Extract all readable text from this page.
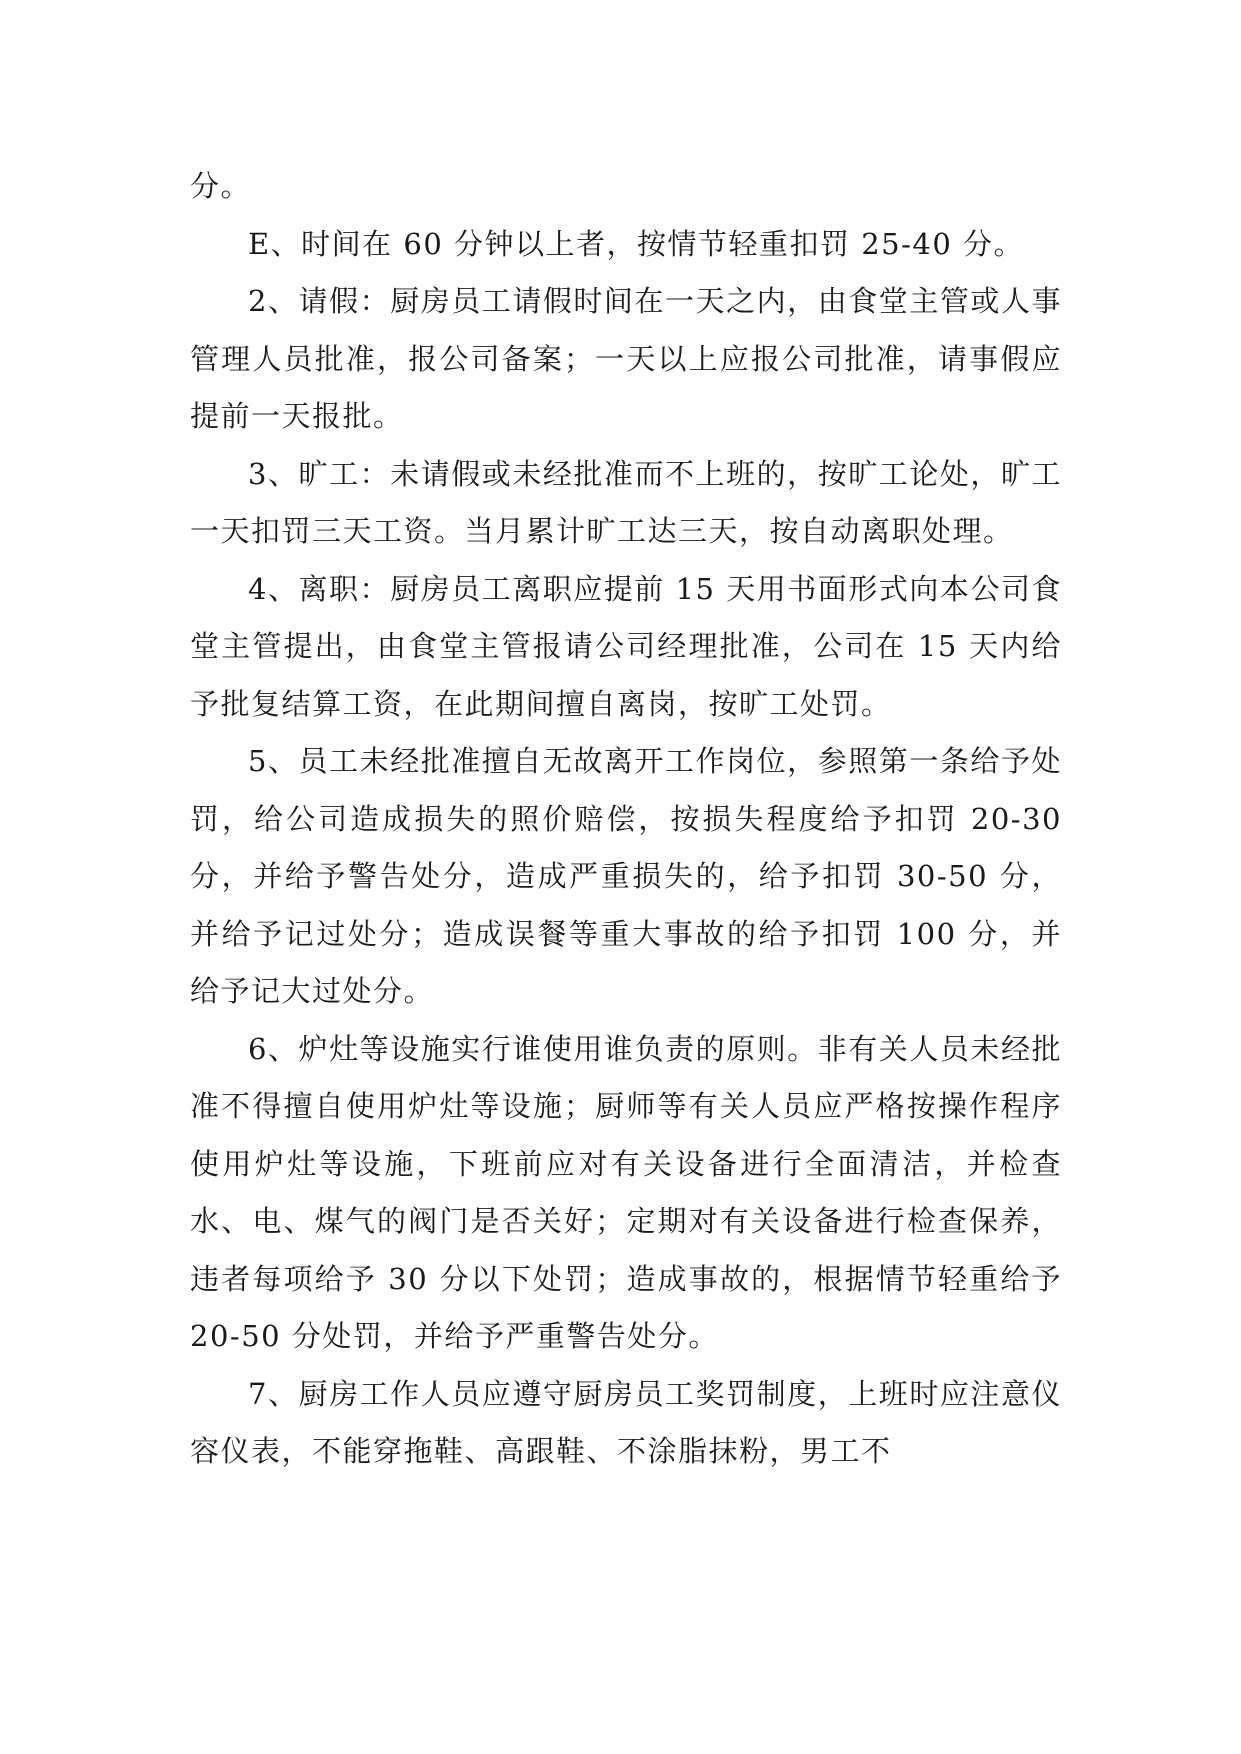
分。

E、时间在 60 分钟以上者，按情节轻重扣罚 25-40 分。

2、请假：厨房员工请假时间在一天之内，由食堂主管或人事管理人员批准，报公司备案；一天以上应报公司批准，请事假应提前一天报批。

3、旷工：未请假或未经批准而不上班的，按旷工论处，旷工一天扣罚三天工资。当月累计旷工达三天，按自动离职处理。

4、离职：厨房员工离职应提前 15 天用书面形式向本公司食堂主管提出，由食堂主管报请公司经理批准，公司在 15 天内给予批复结算工资，在此期间擅自离岗，按旷工处罚。

5、员工未经批准擅自无故离开工作岗位，参照第一条给予处罚，给公司造成损失的照价赔偿，按损失程度给予扣罚 20-30 分，并给予警告处分，造成严重损失的，给予扣罚 30-50 分，并给予记过处分；造成误餐等重大事故的给予扣罚 100 分，并给予记大过处分。

6、炉灶等设施实行谁使用谁负责的原则。非有关人员未经批准不得擅自使用炉灶等设施；厨师等有关人员应严格按操作程序使用炉灶等设施，下班前应对有关设备进行全面清洁，并检查水、电、煤气的阀门是否关好；定期对有关设备进行检查保养，违者每项给予 30 分以下处罚；造成事故的，根据情节轻重给予 20-50 分处罚，并给予严重警告处分。

7、厨房工作人员应遵守厨房员工奖罚制度，上班时应注意仪容仪表，不能穿拖鞋、高跟鞋、不涂脂抹粉，男工不
